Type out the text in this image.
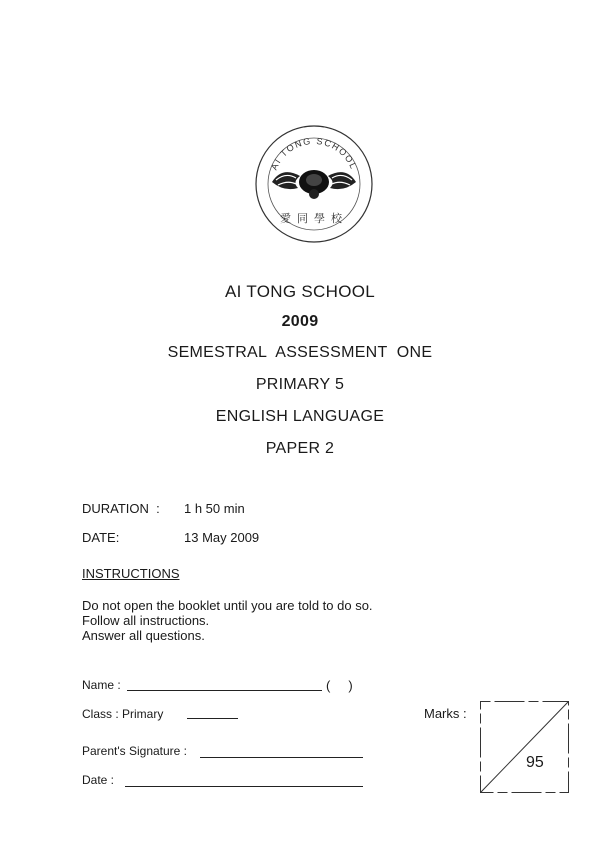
AI TONG SCHOOL
愛同學校
AI TONG SCHOOL
2009
SEMESTRAL  ASSESSMENT  ONE
PRIMARY 5
ENGLISH LANGUAGE
PAPER 2
DURATION  : 1 h 50 min
DATE:	13 May 2009
INSTRUCTIONS
Do not open the booklet until you are told to do so.
Follow all instructions.
Answer all questions.
Name :	(     )
Class : Primary
Parent's Signature :
Date :
Marks :
95
